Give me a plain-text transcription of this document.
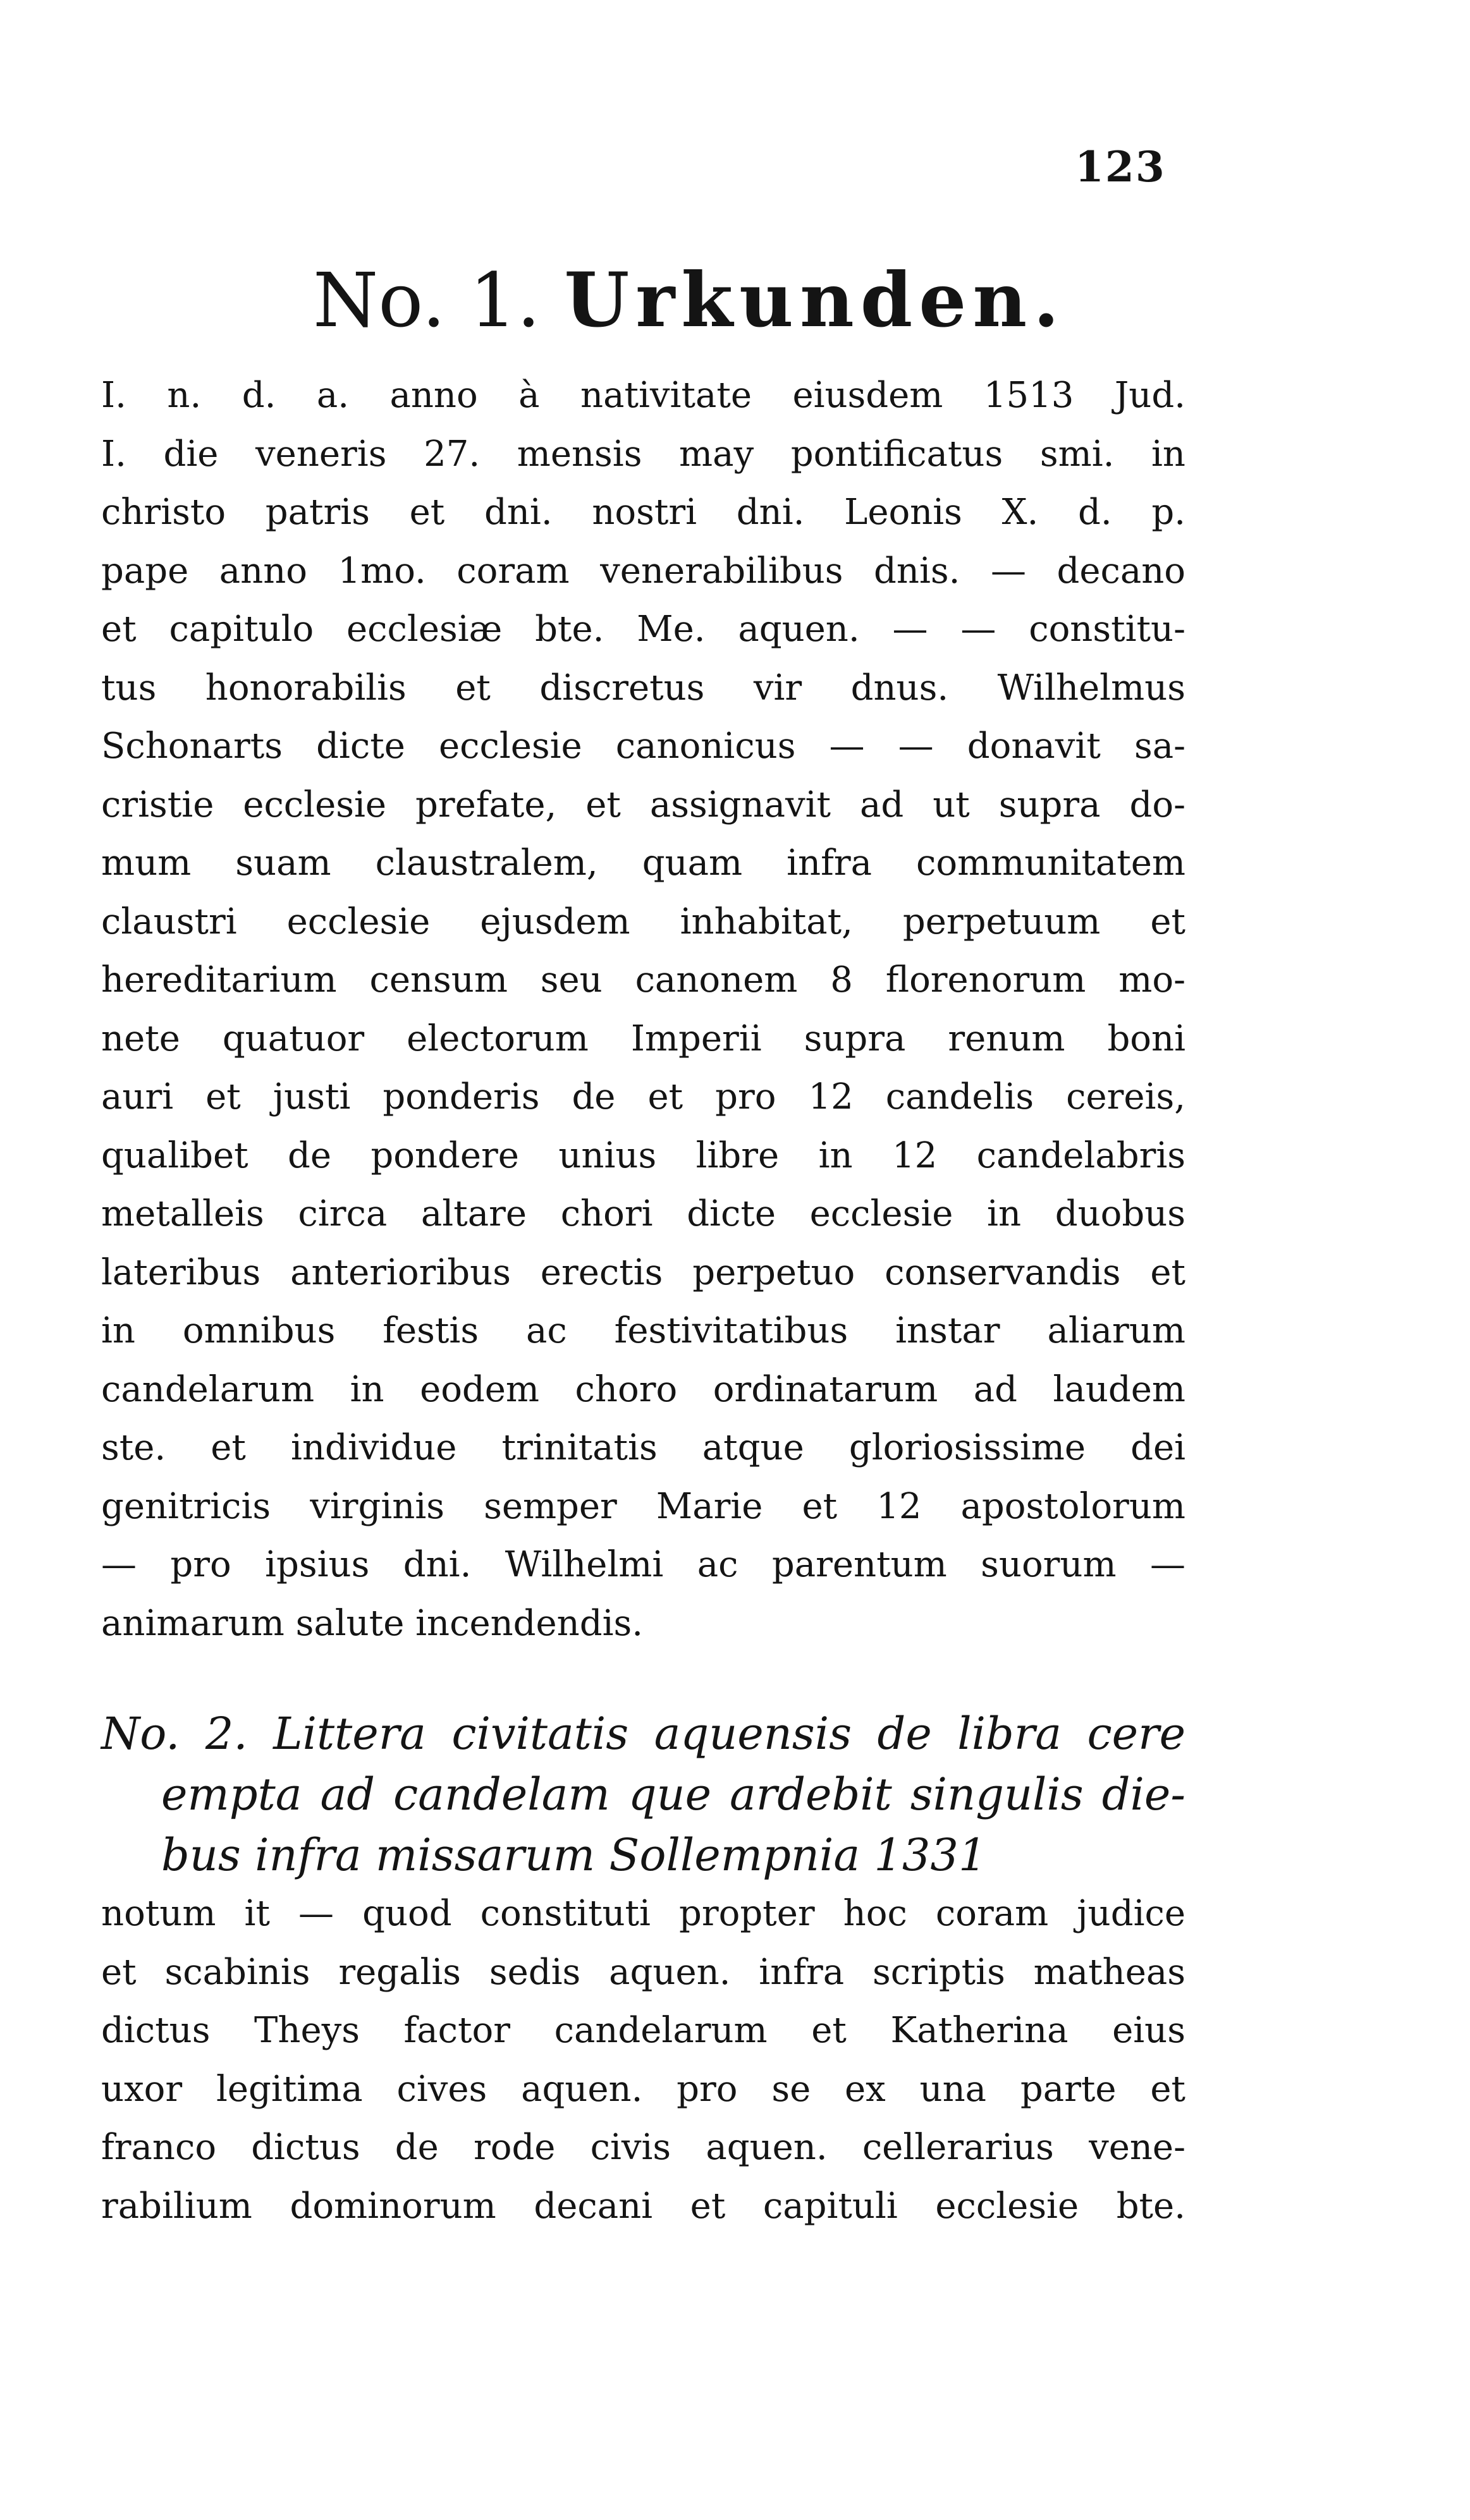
123
No. 1. Urkunden.
I. n. d. a. anno à nativitate eiusdem 1513 Jud.
I. die veneris 27. mensis may pontificatus smi. in
christo patris et dni. nostri dni. Leonis X. d. p.
pape anno 1mo. coram venerabilibus dnis. — decano
et capitulo ecclesiæ bte. Me. aquen. — — constitu-
tus honorabilis et discretus vir dnus. Wilhelmus
Schonarts dicte ecclesie canonicus — — donavit sa-
cristie ecclesie prefate, et assignavit ad ut supra do-
mum suam claustralem, quam infra communitatem
claustri ecclesie ejusdem inhabitat, perpetuum et
hereditarium censum seu canonem 8 florenorum mo-
nete quatuor electorum Imperii supra renum boni
auri et justi ponderis de et pro 12 candelis cereis,
qualibet de pondere unius libre in 12 candelabris
metalleis circa altare chori dicte ecclesie in duobus
lateribus anterioribus erectis perpetuo conservandis et
in omnibus festis ac festivitatibus instar aliarum
candelarum in eodem choro ordinatarum ad laudem
ste. et individue trinitatis atque gloriosissime dei
genitricis virginis semper Marie et 12 apostolorum
— pro ipsius dni. Wilhelmi ac parentum suorum —
animarum salute incendendis.
No. 2. Littera civitatis aquensis de libra cere
empta ad candelam que ardebit singulis die-
bus infra missarum Sollempnia 1331
notum it — quod constituti propter hoc coram judice
et scabinis regalis sedis aquen. infra scriptis matheas
dictus Theys factor candelarum et Katherina eius
uxor legitima cives aquen. pro se ex una parte et
franco dictus de rode civis aquen. cellerarius vene-
rabilium dominorum decani et capituli ecclesie bte.
